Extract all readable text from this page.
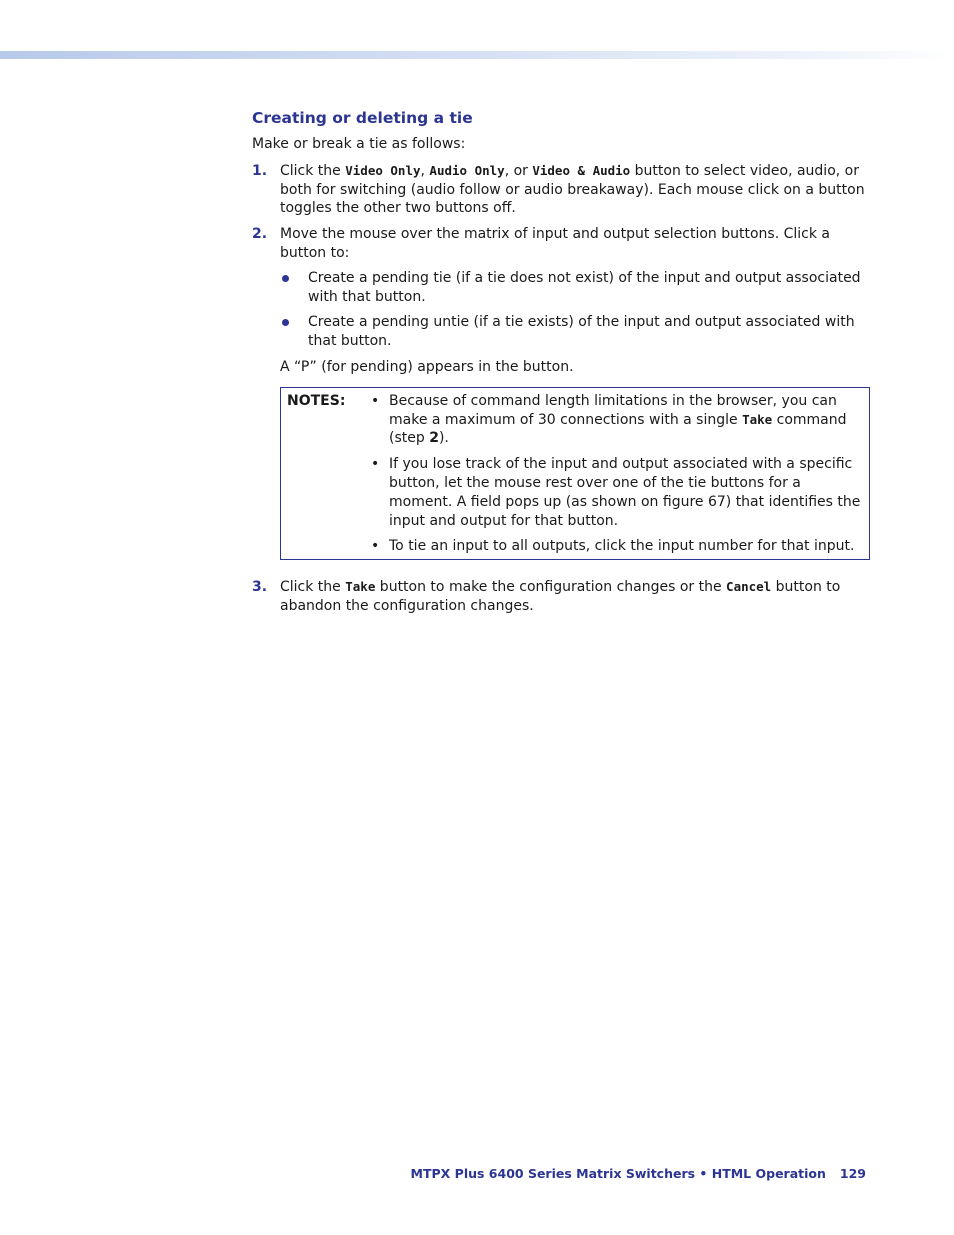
Creating or deleting a tie
Make or break a tie as follows:
1. Click the Video Only, Audio Only, or Video & Audio button to select video, audio, or both for switching (audio follow or audio breakaway). Each mouse click on a button toggles the other two buttons off.
2. Move the mouse over the matrix of input and output selection buttons. Click a button to:
Create a pending tie (if a tie does not exist) of the input and output associated with that button.
Create a pending untie (if a tie exists) of the input and output associated with that button.
A “P” (for pending) appears in the button.
NOTES: • Because of command length limitations in the browser, you can make a maximum of 30 connections with a single Take command (step 2).
• If you lose track of the input and output associated with a specific button, let the mouse rest over one of the tie buttons for a moment. A field pops up (as shown on figure 67) that identifies the input and output for that button.
• To tie an input to all outputs, click the input number for that input.
3. Click the Take button to make the configuration changes or the Cancel button to abandon the configuration changes.
MTPX Plus 6400 Series Matrix Switchers • HTML Operation 129
